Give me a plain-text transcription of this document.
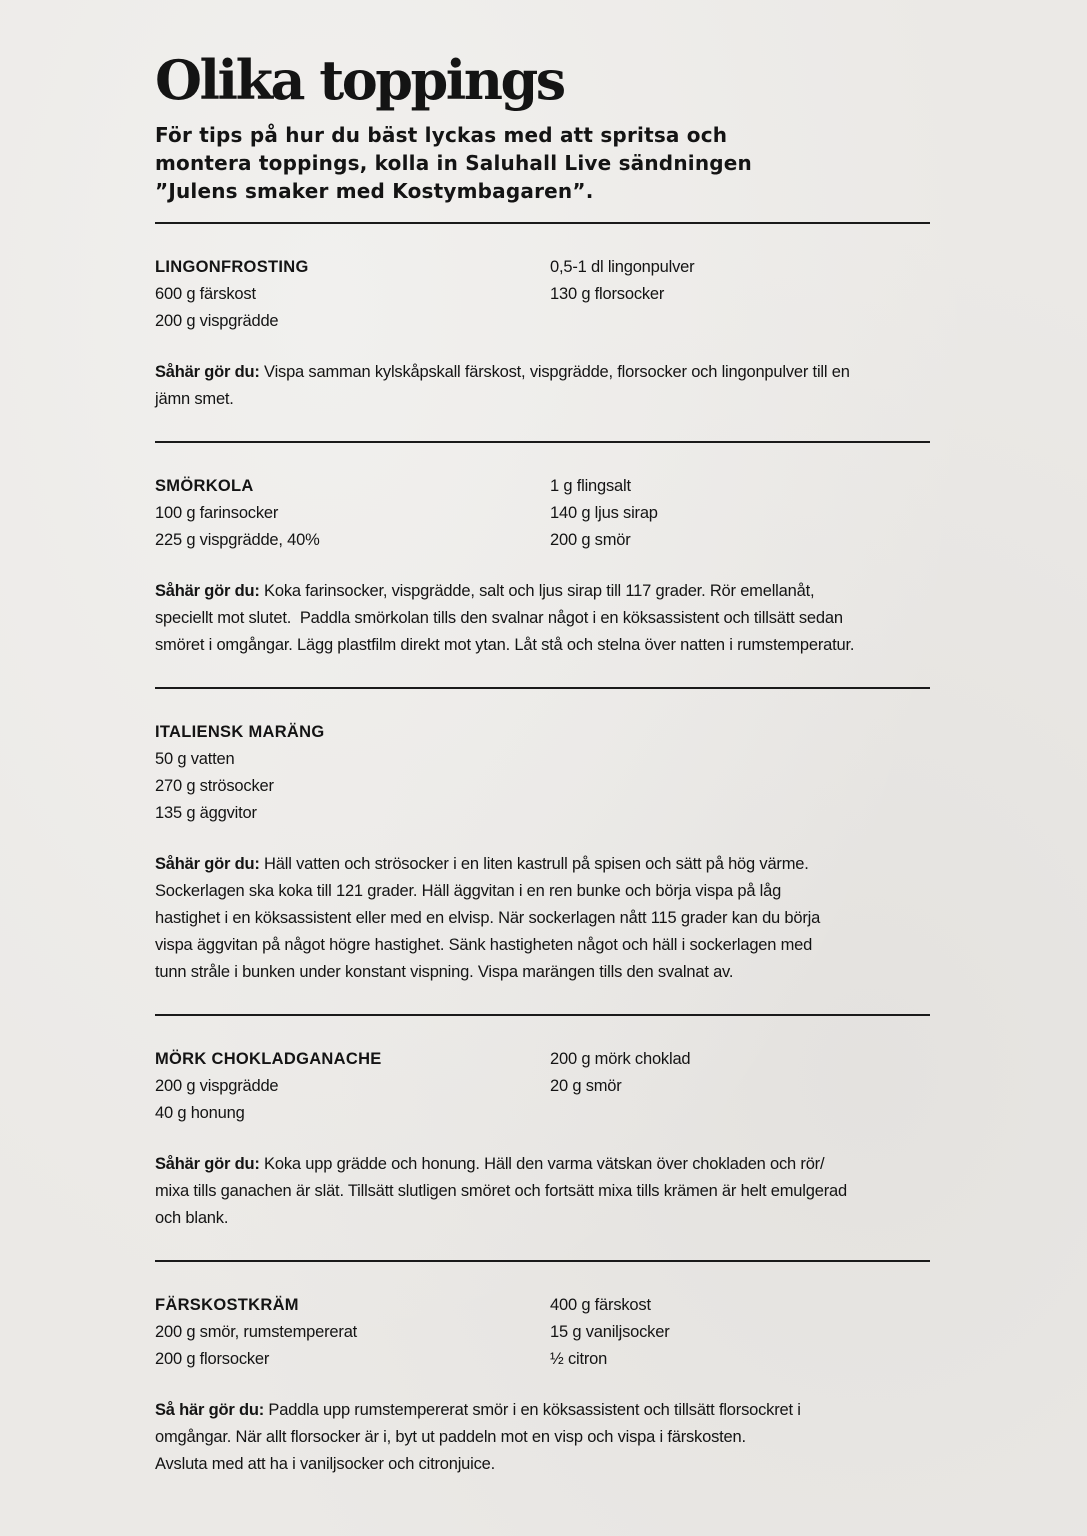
Olika toppings
För tips på hur du bäst lyckas med att spritsa och
montera toppings, kolla in Saluhall Live sändningen
”Julens smaker med Kostymbagaren”.
LINGONFROSTING
600 g färskost
200 g vispgrädde
0,5-1 dl lingonpulver
130 g florsocker
Såhär gör du: Vispa samman kylskåpskall färskost, vispgrädde, florsocker och lingonpulver till en
jämn smet.
SMÖRKOLA
100 g farinsocker
225 g vispgrädde, 40%
1 g flingsalt
140 g ljus sirap
200 g smör
Såhär gör du: Koka farinsocker, vispgrädde, salt och ljus sirap till 117 grader. Rör emellanåt,
speciellt mot slutet.  Paddla smörkolan tills den svalnar något i en köksassistent och tillsätt sedan
smöret i omgångar. Lägg plastfilm direkt mot ytan. Låt stå och stelna över natten i rumstemperatur.
ITALIENSK MARÄNG
50 g vatten
270 g strösocker
135 g äggvitor
Såhär gör du: Häll vatten och strösocker i en liten kastrull på spisen och sätt på hög värme.
Sockerlagen ska koka till 121 grader. Häll äggvitan i en ren bunke och börja vispa på låg
hastighet i en köksassistent eller med en elvisp. När sockerlagen nått 115 grader kan du börja
vispa äggvitan på något högre hastighet. Sänk hastigheten något och häll i sockerlagen med
tunn stråle i bunken under konstant vispning. Vispa marängen tills den svalnat av.
MÖRK CHOKLADGANACHE
200 g vispgrädde
40 g honung
200 g mörk choklad
20 g smör
Såhär gör du: Koka upp grädde och honung. Häll den varma vätskan över chokladen och rör/
mixa tills ganachen är slät. Tillsätt slutligen smöret och fortsätt mixa tills krämen är helt emulgerad
och blank.
FÄRSKOSTKRÄM
200 g smör, rumstempererat
200 g florsocker
400 g färskost
15 g vaniljsocker
½ citron
Så här gör du: Paddla upp rumstempererat smör i en köksassistent och tillsätt florsockret i
omgångar. När allt florsocker är i, byt ut paddeln mot en visp och vispa i färskosten.
Avsluta med att ha i vaniljsocker och citronjuice.
